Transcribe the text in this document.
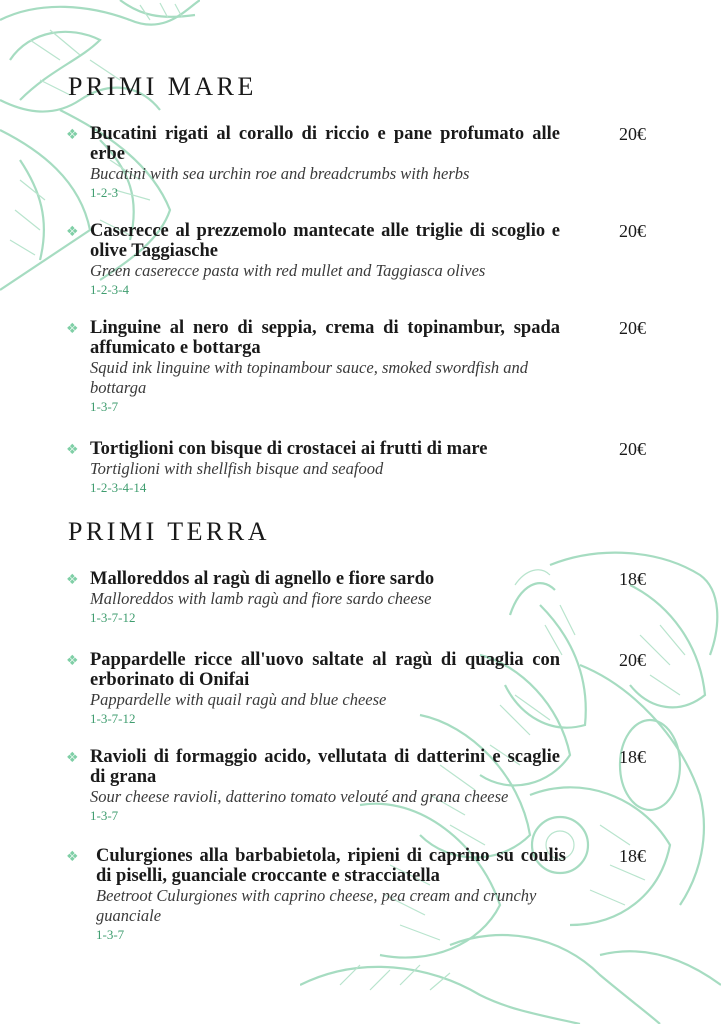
PRIMI MARE
❖ Bucatini rigati al corallo di riccio e pane profumato alle erbe
Bucatini with sea urchin roe and breadcrumbs with herbs
1-2-3
20€
❖ Caserecce al prezzemolo mantecate alle triglie di scoglio e olive Taggiasche
Green caserecce pasta with red mullet and Taggiasca olives
1-2-3-4
20€
❖ Linguine al nero di seppia, crema di topinambur, spada affumicato e bottarga
Squid ink linguine with topinambour sauce, smoked swordfish and bottarga
1-3-7
20€
❖ Tortiglioni con bisque di crostacei ai frutti di mare
Tortiglioni with shellfish bisque and seafood
1-2-3-4-14
20€
PRIMI TERRA
❖ Malloreddos al ragù di agnello e fiore sardo
Malloreddos with lamb ragù and fiore sardo cheese
1-3-7-12
18€
❖ Pappardelle ricce all'uovo saltate al ragù di quaglia con erborinato di Onifai
Pappardelle with quail ragù and blue cheese
1-3-7-12
20€
❖ Ravioli di formaggio acido, vellutata di datterini e scaglie di grana
Sour cheese ravioli, datterino tomato velouté and grana cheese
1-3-7
18€
❖ Culurgiones alla barbabietola, ripieni di caprino su coulis di piselli, guanciale croccante e stracciatella
Beetroot Culurgiones with caprino cheese, pea cream and crunchy guanciale
1-3-7
18€
